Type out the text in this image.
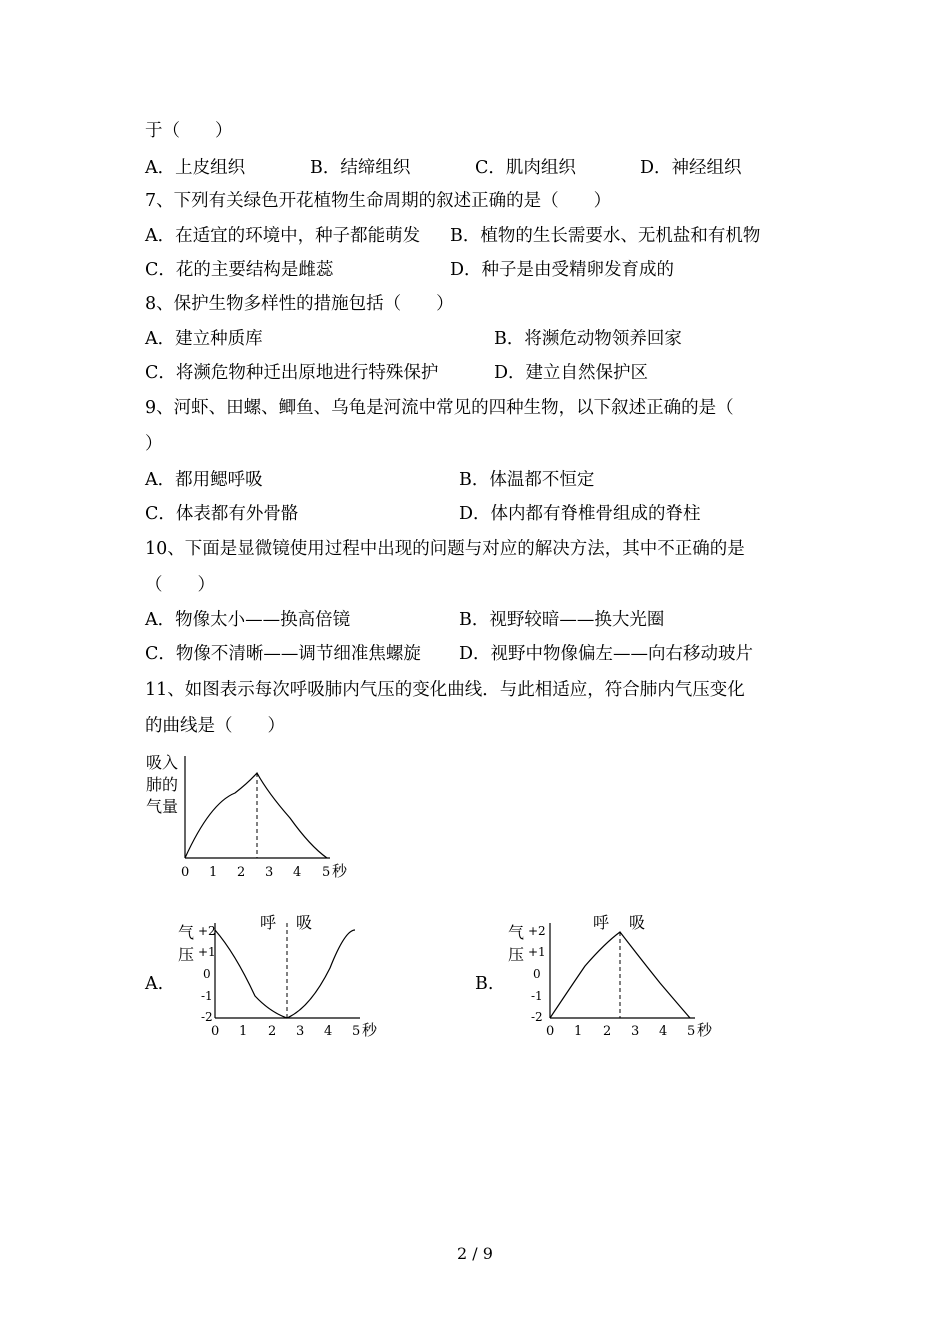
于（　　）
A．上皮组织	B．结缔组织	C．肌肉组织	D．神经组织
7、下列有关绿色开花植物生命周期的叙述正确的是（　　）
A．在适宜的环境中，种子都能萌发 B．植物的生长需要水、无机盐和有机物
C．花的主要结构是雌蕊	D．种子是由受精卵发育成的
8、保护生物多样性的措施包括（　　）
A．建立种质库	B．将濒危动物领养回家
C．将濒危物种迁出原地进行特殊保护	D．建立自然保护区
9、河虾、田螺、鲫鱼、乌龟是河流中常见的四种生物，以下叙述正确的是（
）
A．都用鳃呼吸	B．体温都不恒定
C．体表都有外骨骼	D．体内都有脊椎骨组成的脊柱
10、下面是显微镜使用过程中出现的问题与对应的解决方法，其中不正确的是
（　　）
A．物像太小——换高倍镜	B．视野较暗——换大光圈
C．物像不清晰——调节细准焦螺旋 D．视野中物像偏左——向右移动玻片
11、如图表示每次呼吸肺内气压的变化曲线．与此相适应，符合肺内气压变化
的曲线是（　　）
吸入
肺的
气量
0 1 2 3 4 5 秒
A.
气
压
+2
+1
0
-1
-2
呼 吸
0 1 2 3 4 5 秒
B.
气
压
+2
+1
0
-1
-2
呼 吸
0 1 2 3 4 5 秒
2 / 9
